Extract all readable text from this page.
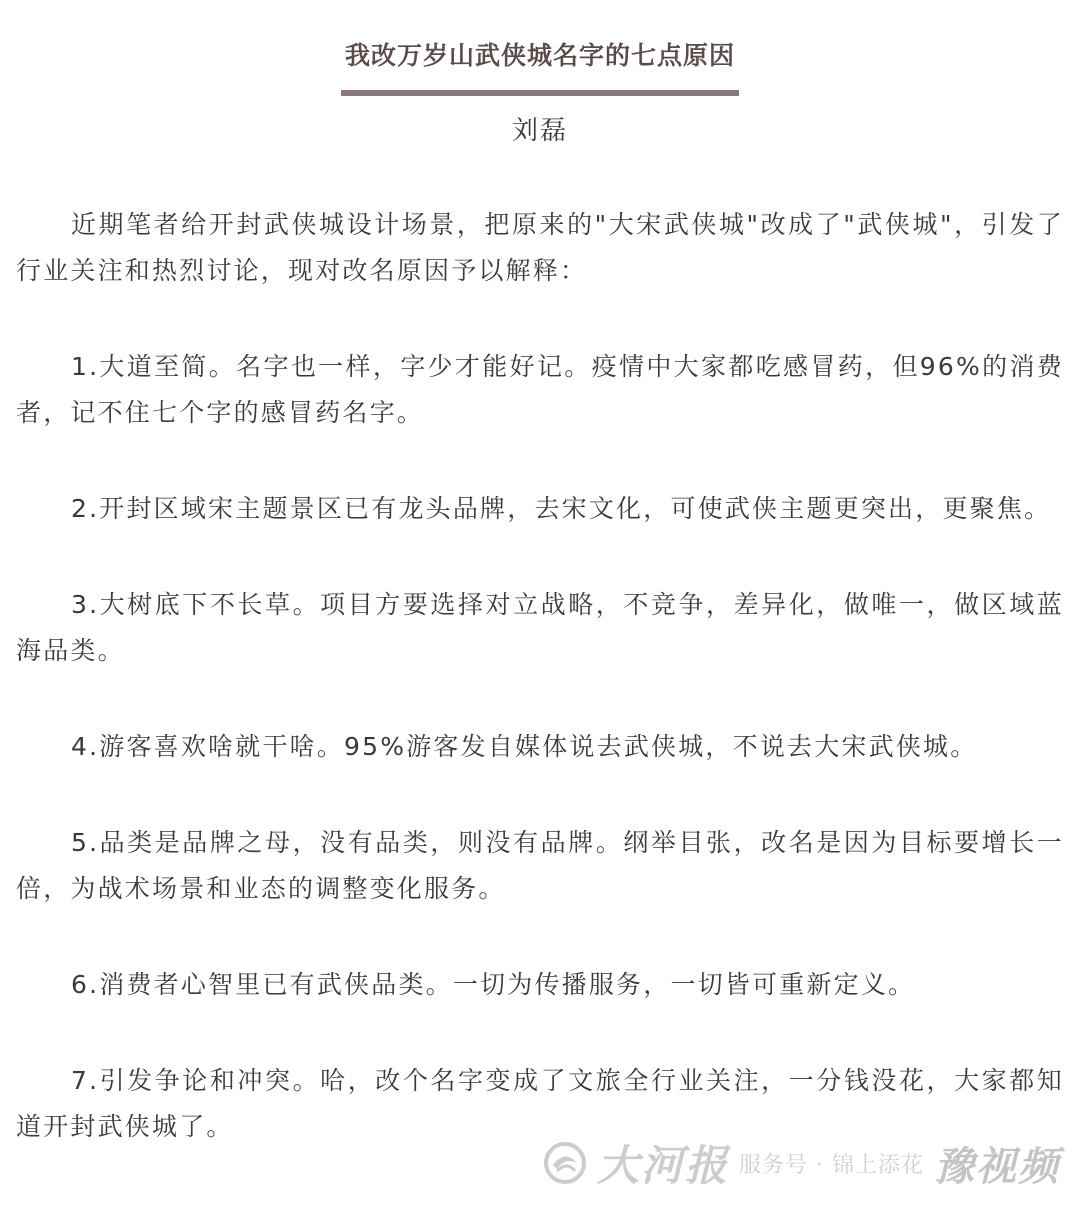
我改万岁山武侠城名字的七点原因
刘磊

近期笔者给开封武侠城设计场景，把原来的"大宋武侠城"改成了"武侠城"，引发了行业关注和热烈讨论，现对改名原因予以解释：

1.大道至简。名字也一样，字少才能好记。疫情中大家都吃感冒药，但96%的消费者，记不住七个字的感冒药名字。

2.开封区域宋主题景区已有龙头品牌，去宋文化，可使武侠主题更突出，更聚焦。

3.大树底下不长草。项目方要选择对立战略，不竞争，差异化，做唯一，做区域蓝海品类。

4.游客喜欢啥就干啥。95%游客发自媒体说去武侠城，不说去大宋武侠城。

5.品类是品牌之母，没有品类，则没有品牌。纲举目张，改名是因为目标要增长一倍，为战术场景和业态的调整变化服务。

6.消费者心智里已有武侠品类。一切为传播服务，一切皆可重新定义。

7.引发争论和冲突。哈，改个名字变成了文旅全行业关注，一分钱没花，大家都知道开封武侠城了。

大河报 服务号 · 锦上添花 豫视频
